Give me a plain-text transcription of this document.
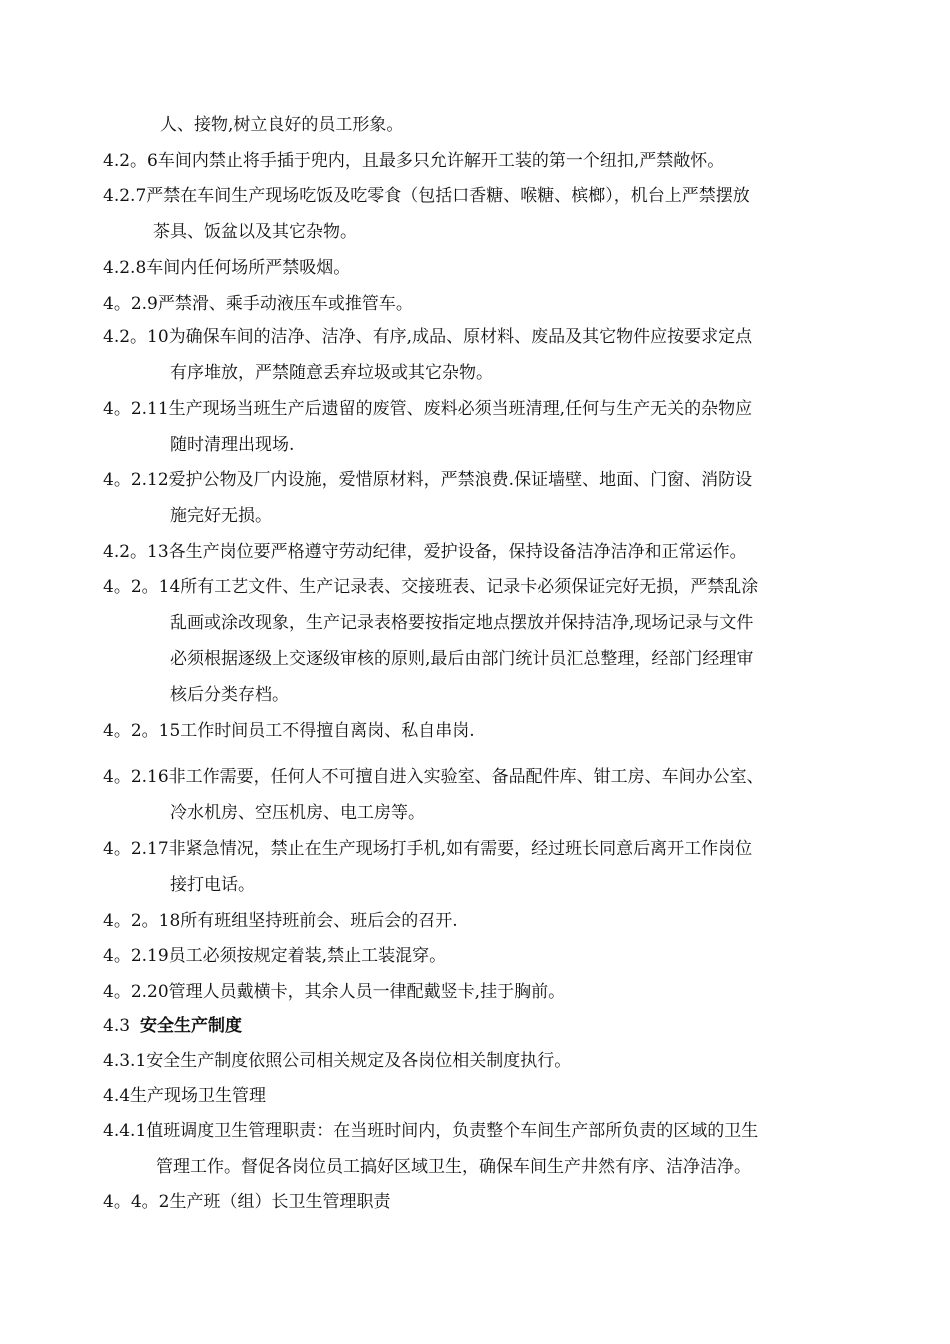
人、接物,树立良好的员工形象。
4.2。6车间内禁止将手插于兜内，且最多只允许解开工装的第一个纽扣,严禁敞怀。
4.2.7严禁在车间生产现场吃饭及吃零食（包括口香糖、喉糖、槟榔），机台上严禁摆放
茶具、饭盆以及其它杂物。
4.2.8车间内任何场所严禁吸烟。
4。2.9严禁滑、乘手动液压车或推管车。
4.2。10为确保车间的洁净、洁净、有序,成品、原材料、废品及其它物件应按要求定点
有序堆放，严禁随意丢弃垃圾或其它杂物。
4。2.11生产现场当班生产后遗留的废管、废料必须当班清理,任何与生产无关的杂物应
随时清理出现场.
4。2.12爱护公物及厂内设施，爱惜原材料，严禁浪费.保证墙壁、地面、门窗、消防设
施完好无损。
4.2。13各生产岗位要严格遵守劳动纪律，爱护设备，保持设备洁净洁净和正常运作。
4。2。14所有工艺文件、生产记录表、交接班表、记录卡必须保证完好无损，严禁乱涂
乱画或涂改现象，生产记录表格要按指定地点摆放并保持洁净,现场记录与文件
必须根据逐级上交逐级审核的原则,最后由部门统计员汇总整理，经部门经理审
核后分类存档。
4。2。15工作时间员工不得擅自离岗、私自串岗.
4。2.16非工作需要，任何人不可擅自进入实验室、备品配件库、钳工房、车间办公室、
冷水机房、空压机房、电工房等。
4。2.17非紧急情况，禁止在生产现场打手机,如有需要，经过班长同意后离开工作岗位
接打电话。
4。2。18所有班组坚持班前会、班后会的召开.
4。2.19员工必须按规定着装,禁止工装混穿。
4。2.20管理人员戴横卡，其余人员一律配戴竖卡,挂于胸前。
4.3 安全生产制度
4.3.1安全生产制度依照公司相关规定及各岗位相关制度执行。
4.4生产现场卫生管理
4.4.1值班调度卫生管理职责：在当班时间内，负责整个车间生产部所负责的区域的卫生
管理工作。督促各岗位员工搞好区域卫生，确保车间生产井然有序、洁净洁净。
4。4。2生产班（组）长卫生管理职责
